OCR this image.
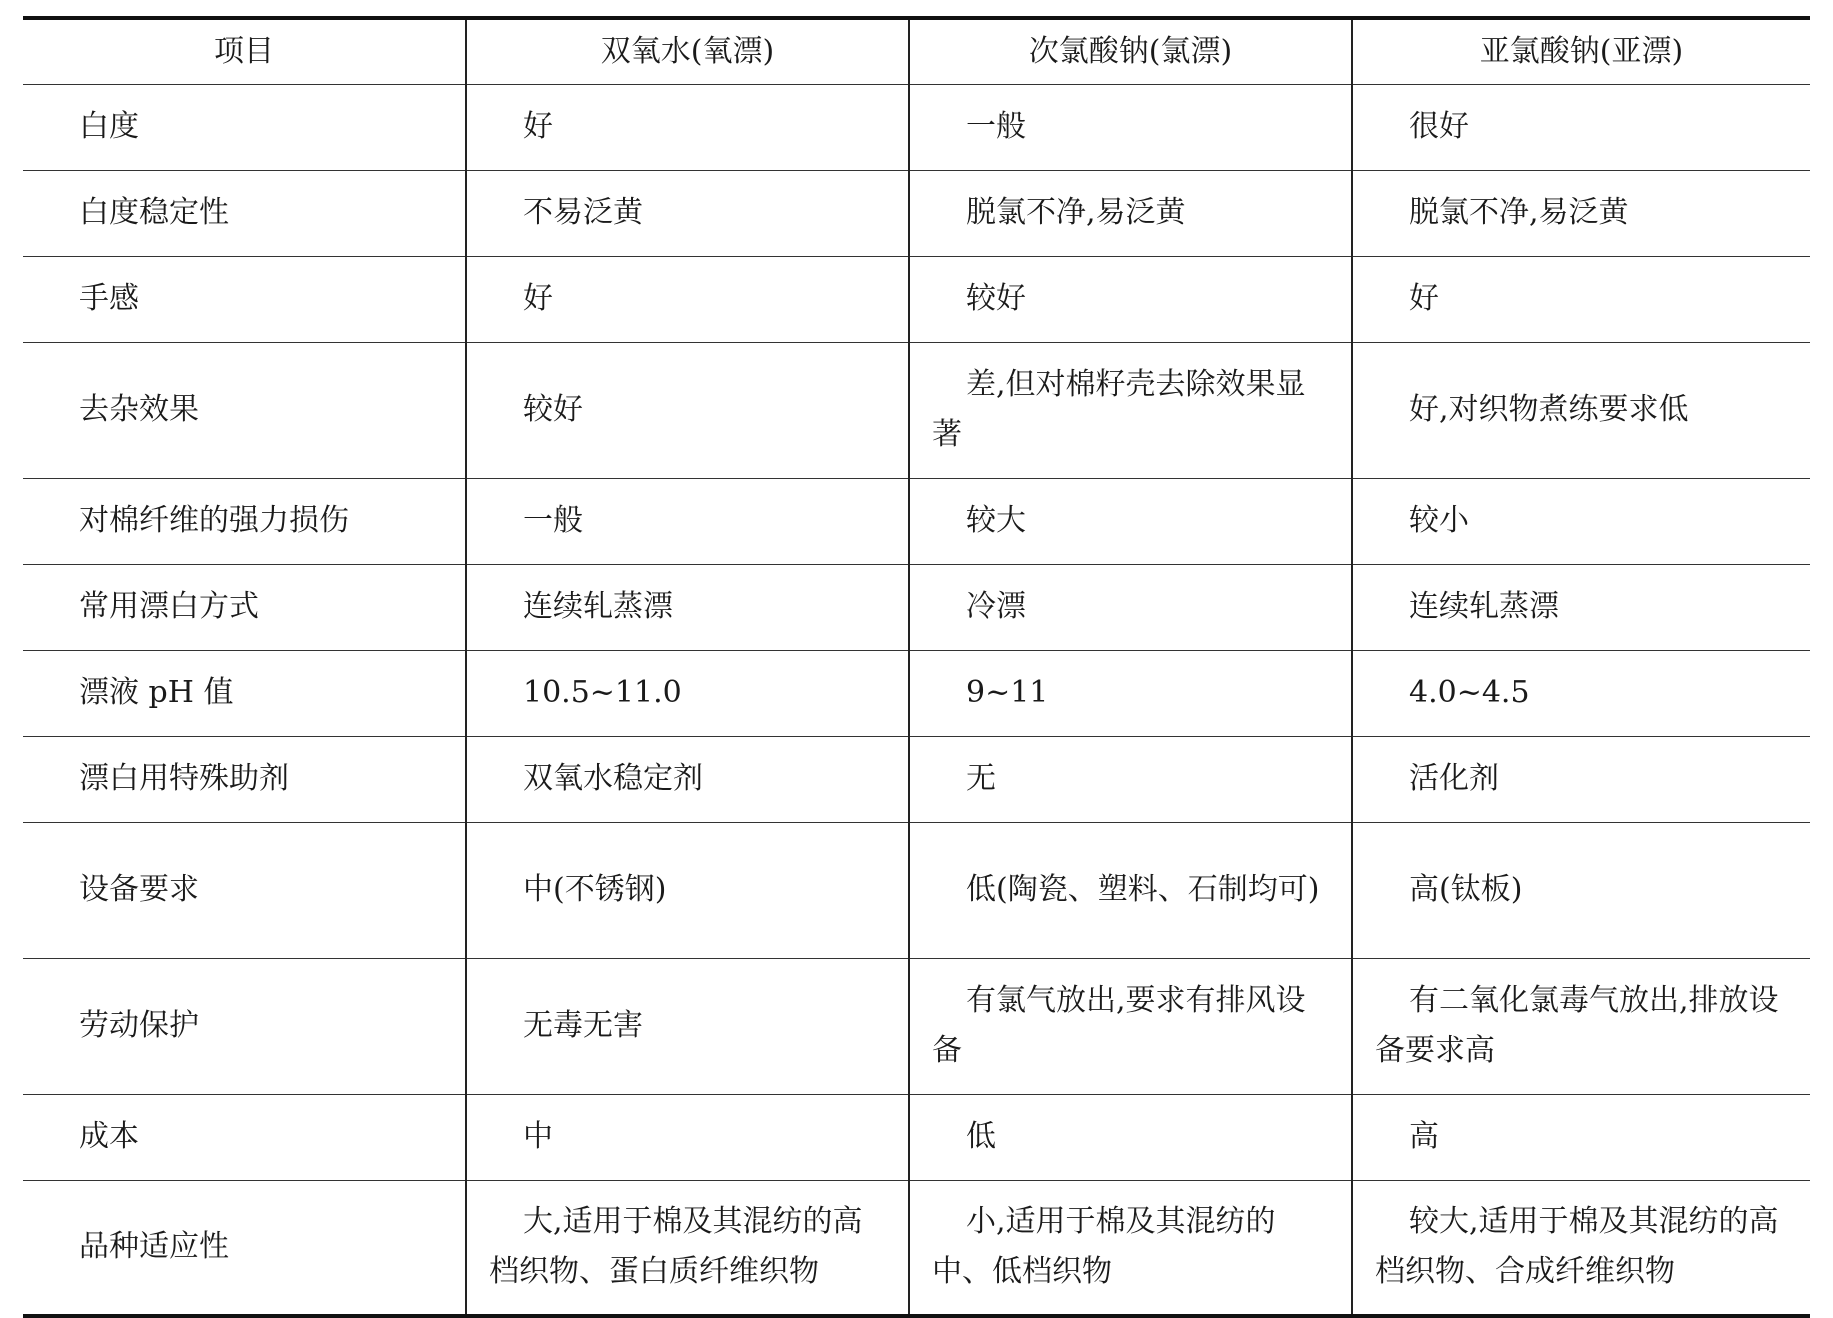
项目	双氧水(氧漂)	次氯酸钠(氯漂)	亚氯酸钠(亚漂)
白度	好	一般	很好
白度稳定性	不易泛黄	脱氯不净,易泛黄	脱氯不净,易泛黄
手感	好	较好	好
去杂效果	较好	差,但对棉籽壳去除效果显著	好,对织物煮练要求低
对棉纤维的强力损伤	一般	较大	较小
常用漂白方式	连续轧蒸漂	冷漂	连续轧蒸漂
漂液 pH 值	10.5~11.0	9~11	4.0~4.5
漂白用特殊助剂	双氧水稳定剂	无	活化剂
设备要求	中(不锈钢)	低(陶瓷、塑料、石制均可)	高(钛板)
劳动保护	无毒无害	有氯气放出,要求有排风设备	有二氧化氯毒气放出,排放设备要求高
成本	中	低	高
品种适应性	大,适用于棉及其混纺的高档织物、蛋白质纤维织物	小,适用于棉及其混纺的中、低档织物	较大,适用于棉及其混纺的高档织物、合成纤维织物
